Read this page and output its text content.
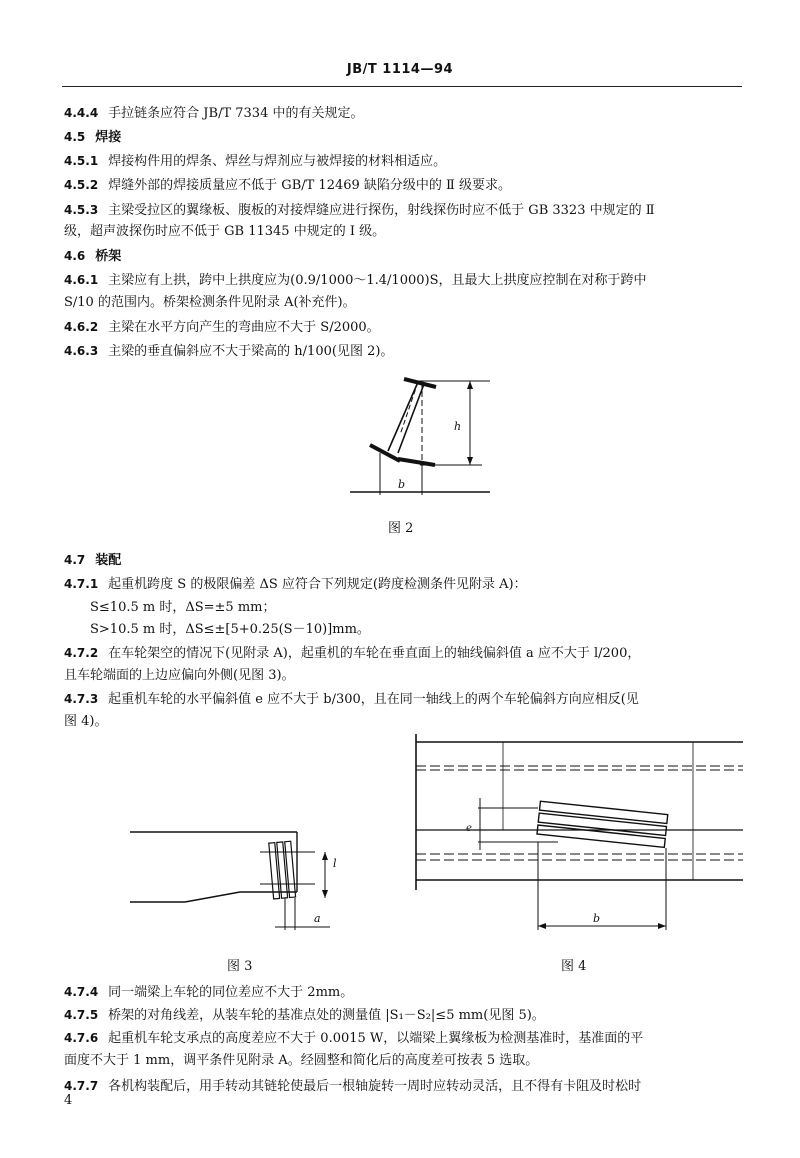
JB/T 1114—94
4.4.4 手拉链条应符合 JB/T 7334 中的有关规定。
4.5 焊接
4.5.1 焊接构件用的焊条、焊丝与焊剂应与被焊接的材料相适应。
4.5.2 焊缝外部的焊接质量应不低于 GB/T 12469 缺陷分级中的 Ⅱ 级要求。
4.5.3 主梁受拉区的翼缘板、腹板的对接焊缝应进行探伤，射线探伤时应不低于 GB 3323 中规定的 Ⅱ
级，超声波探伤时应不低于 GB 11345 中规定的 Ⅰ 级。
4.6 桥架
4.6.1 主梁应有上拱，跨中上拱度应为(0.9/1000～1.4/1000)S，且最大上拱度应控制在对称于跨中
S/10 的范围内。桥架检测条件见附录 A(补充件)。
4.6.2 主梁在水平方向产生的弯曲应不大于 S/2000。
4.6.3 主梁的垂直偏斜应不大于梁高的 h/100(见图 2)。
4.7 装配
4.7.1 起重机跨度 S 的极限偏差 ΔS 应符合下列规定(跨度检测条件见附录 A)：
S≤10.5 m 时，ΔS=±5 mm；
S>10.5 m 时，ΔS≤±[5+0.25(S－10)]mm。
4.7.2 在车轮架空的情况下(见附录 A)，起重机的车轮在垂直面上的轴线偏斜值 a 应不大于 l/200，
且车轮端面的上边应偏向外侧(见图 3)。
4.7.3 起重机车轮的水平偏斜值 e 应不大于 b/300，且在同一轴线上的两个车轮偏斜方向应相反(见
图 4)。
4.7.4 同一端梁上车轮的同位差应不大于 2mm。
4.7.5 桥架的对角线差，从装车轮的基准点处的测量值 |S₁－S₂|≤5 mm(见图 5)。
4.7.6 起重机车轮支承点的高度差应不大于 0.0015 W，以端梁上翼缘板为检测基准时，基准面的平
面度不大于 1 mm，调平条件见附录 A。经圆整和简化后的高度差可按表 5 选取。
4.7.7 各机构装配后，用手转动其链轮使最后一根轴旋转一周时应转动灵活，且不得有卡阻及时松时
h
b
图 2
l
a
图 3
e
b
图 4
4
